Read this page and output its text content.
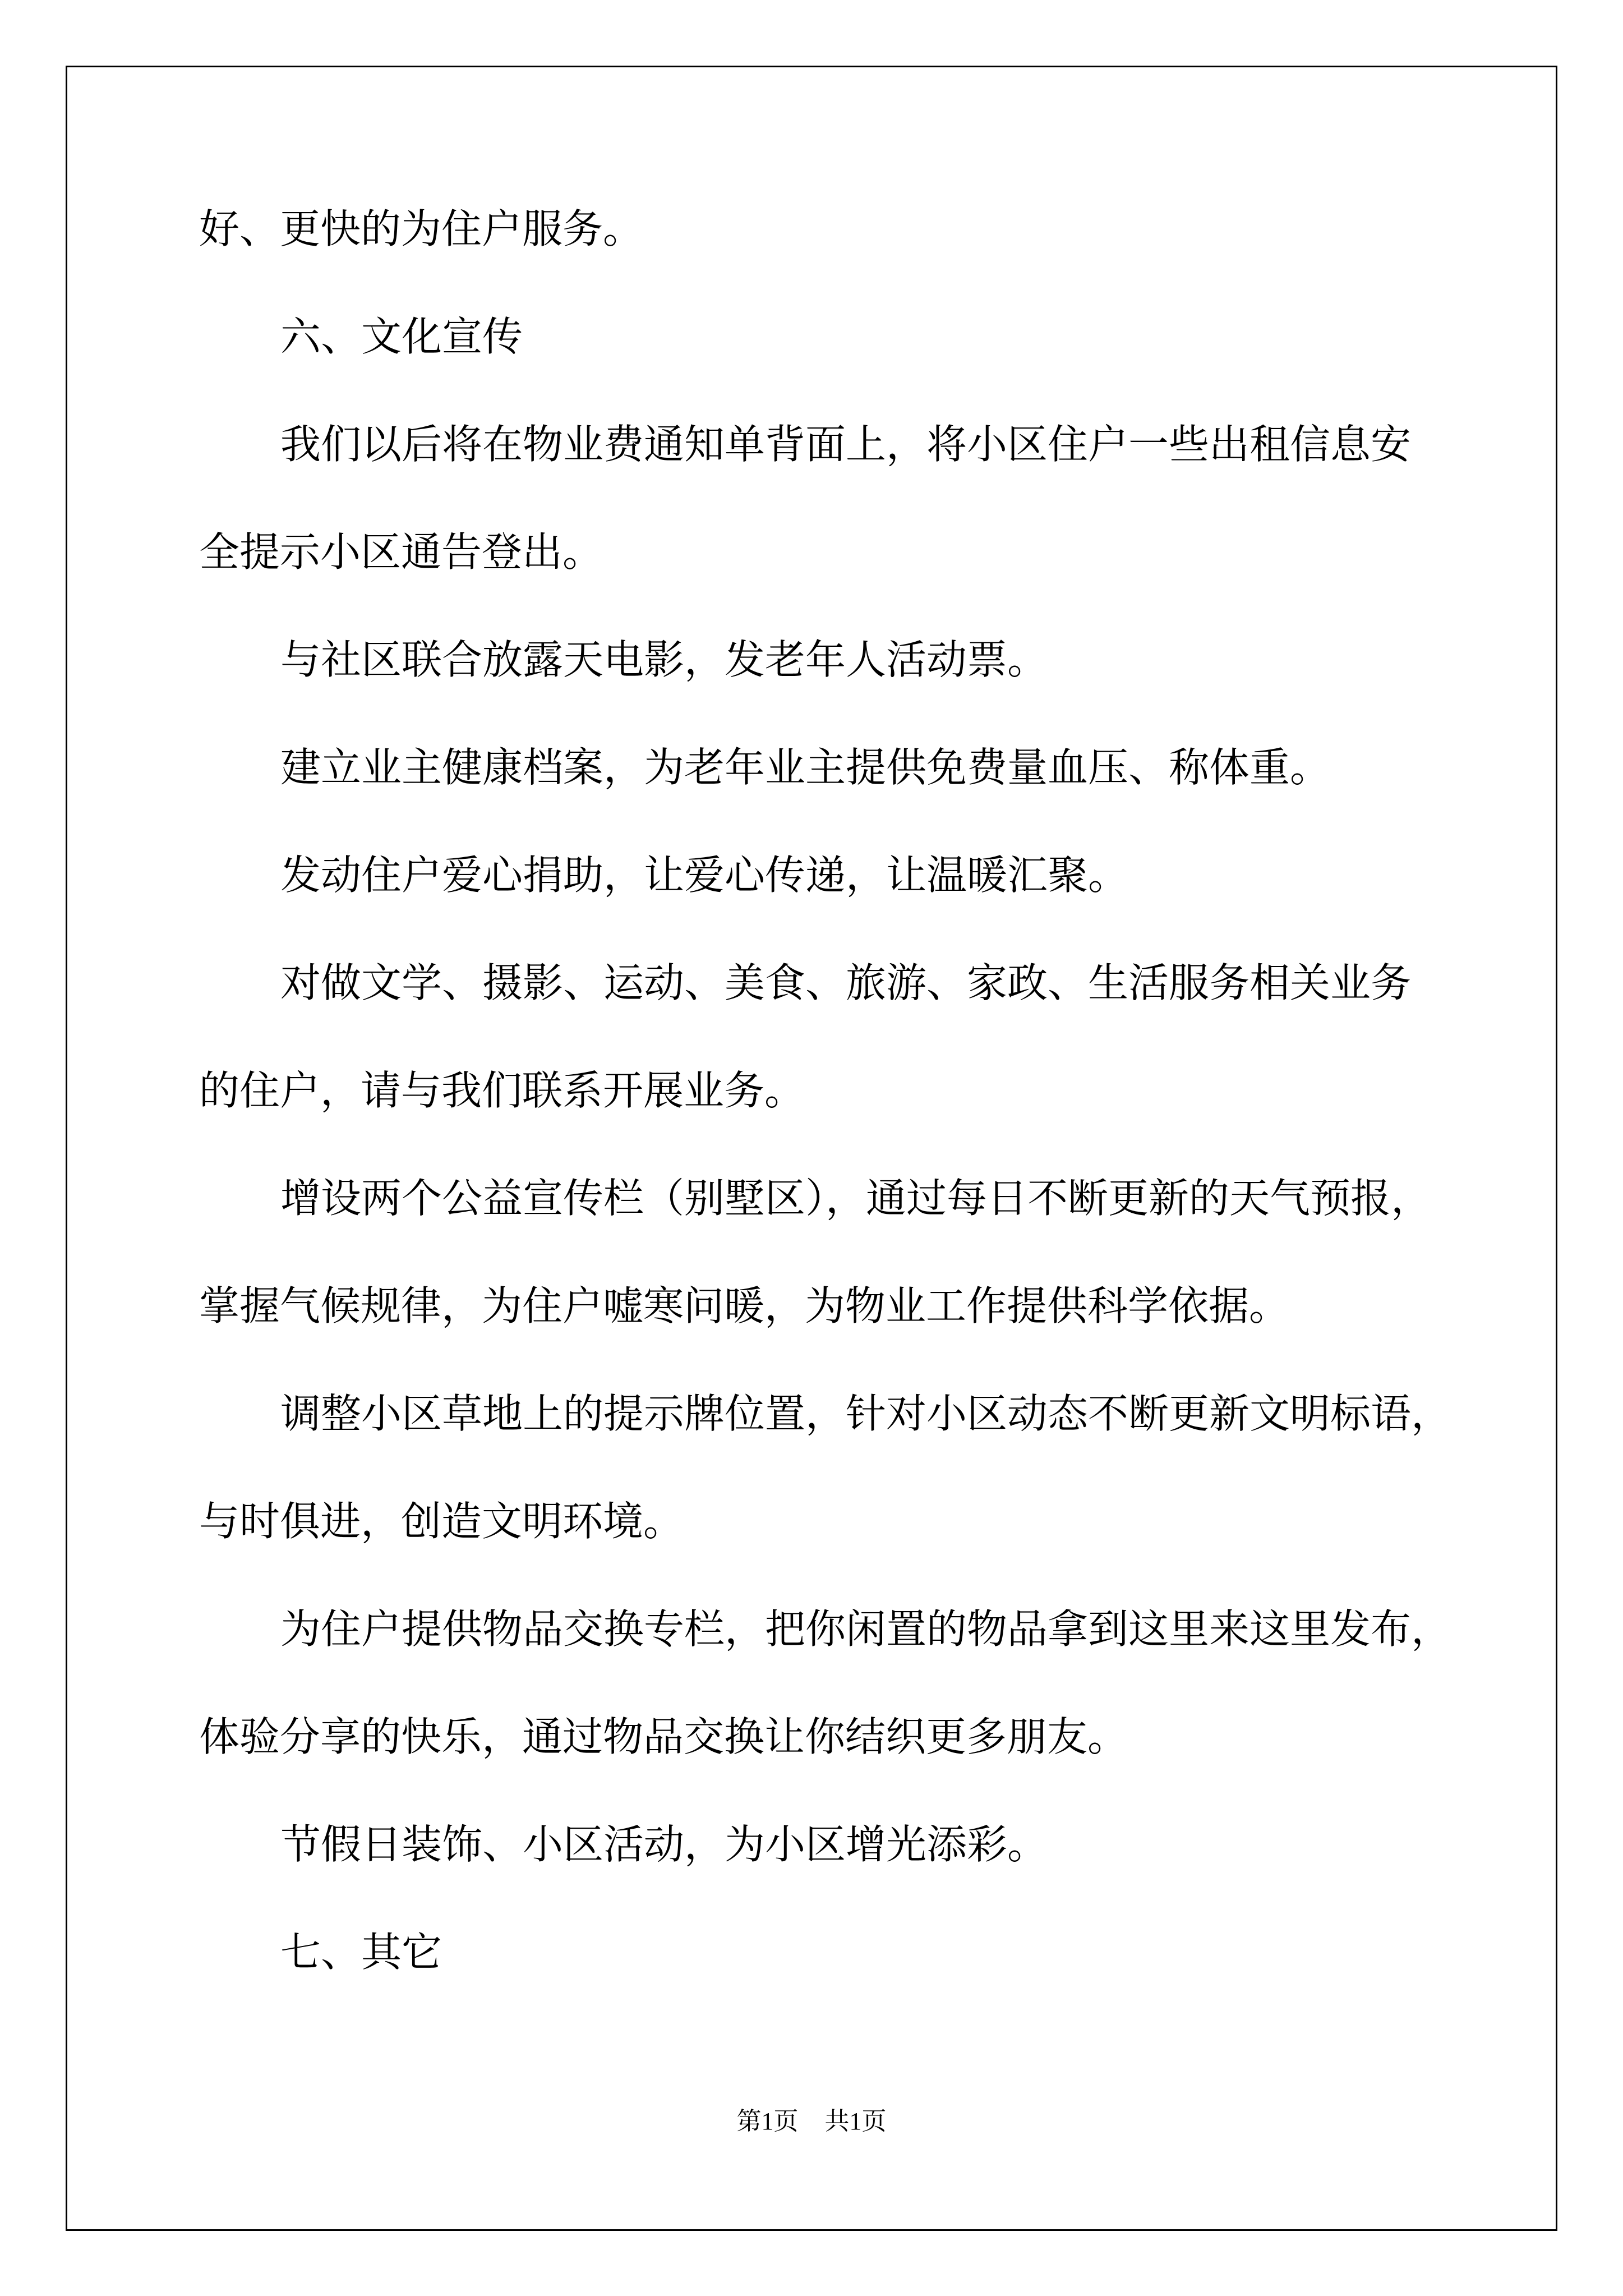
好、更快的为住户服务。
六、文化宣传
我们以后将在物业费通知单背面上，将小区住户一些出租信息安
全提示小区通告登出。
与社区联合放露天电影，发老年人活动票。
建立业主健康档案，为老年业主提供免费量血压、称体重。
发动住户爱心捐助，让爱心传递，让温暖汇聚。
对做文学、摄影、运动、美食、旅游、家政、生活服务相关业务
的住户，请与我们联系开展业务。
增设两个公益宣传栏（别墅区），通过每日不断更新的天气预报，
掌握气候规律，为住户嘘寒问暖，为物业工作提供科学依据。
调整小区草地上的提示牌位置，针对小区动态不断更新文明标语，
与时俱进，创造文明环境。
为住户提供物品交换专栏，把你闲置的物品拿到这里来这里发布，
体验分享的快乐，通过物品交换让你结织更多朋友。
节假日装饰、小区活动，为小区增光添彩。
七、其它
第1页 共1页
